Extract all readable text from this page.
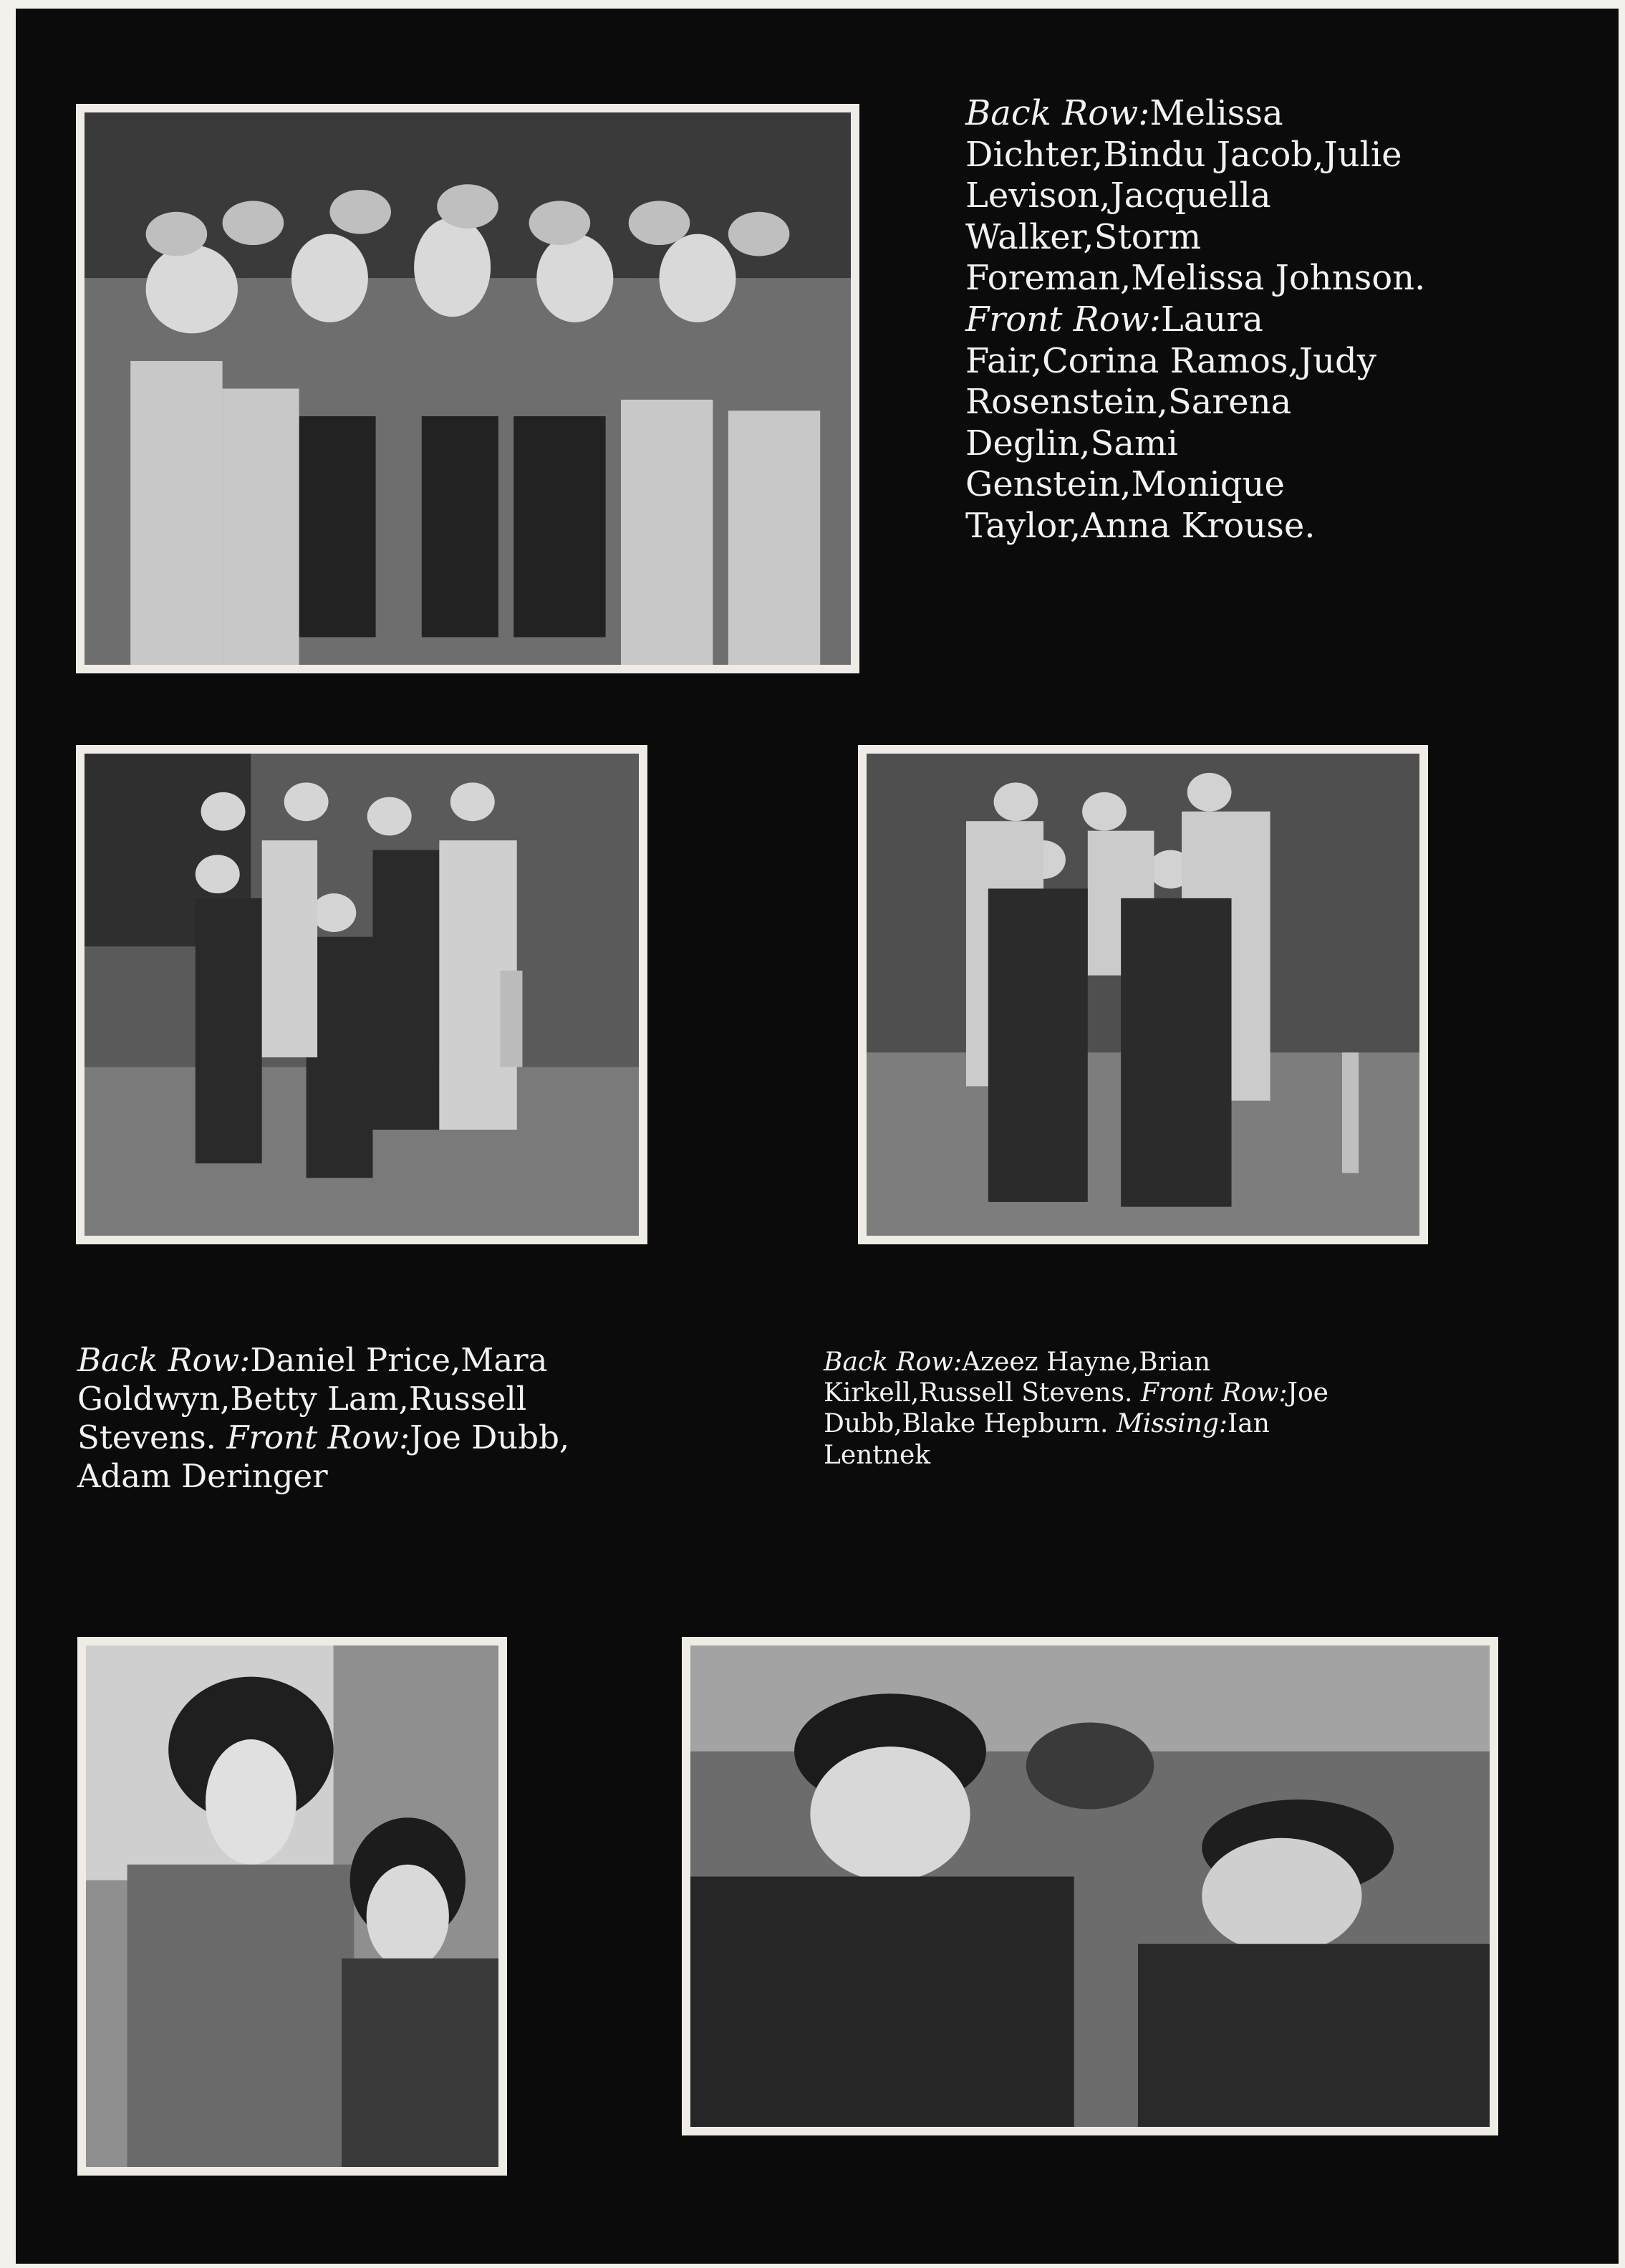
Back Row:Melissa Dichter,Bindu Jacob,Julie Levison,Jacquella Walker,Storm Foreman,Melissa Johnson. Front Row:Laura Fair,Corina Ramos,Judy Rosenstein,Sarena Deglin,Sami Genstein,Monique Taylor,Anna Krouse.
Back Row:Daniel Price,Mara Goldwyn,Betty Lam,Russell Stevens. Front Row:Joe Dubb, Adam Deringer
Back Row:Azeez Hayne,Brian Kirkell,Russell Stevens. Front Row:Joe Dubb,Blake Hepburn. Missing:Ian Lentnek
